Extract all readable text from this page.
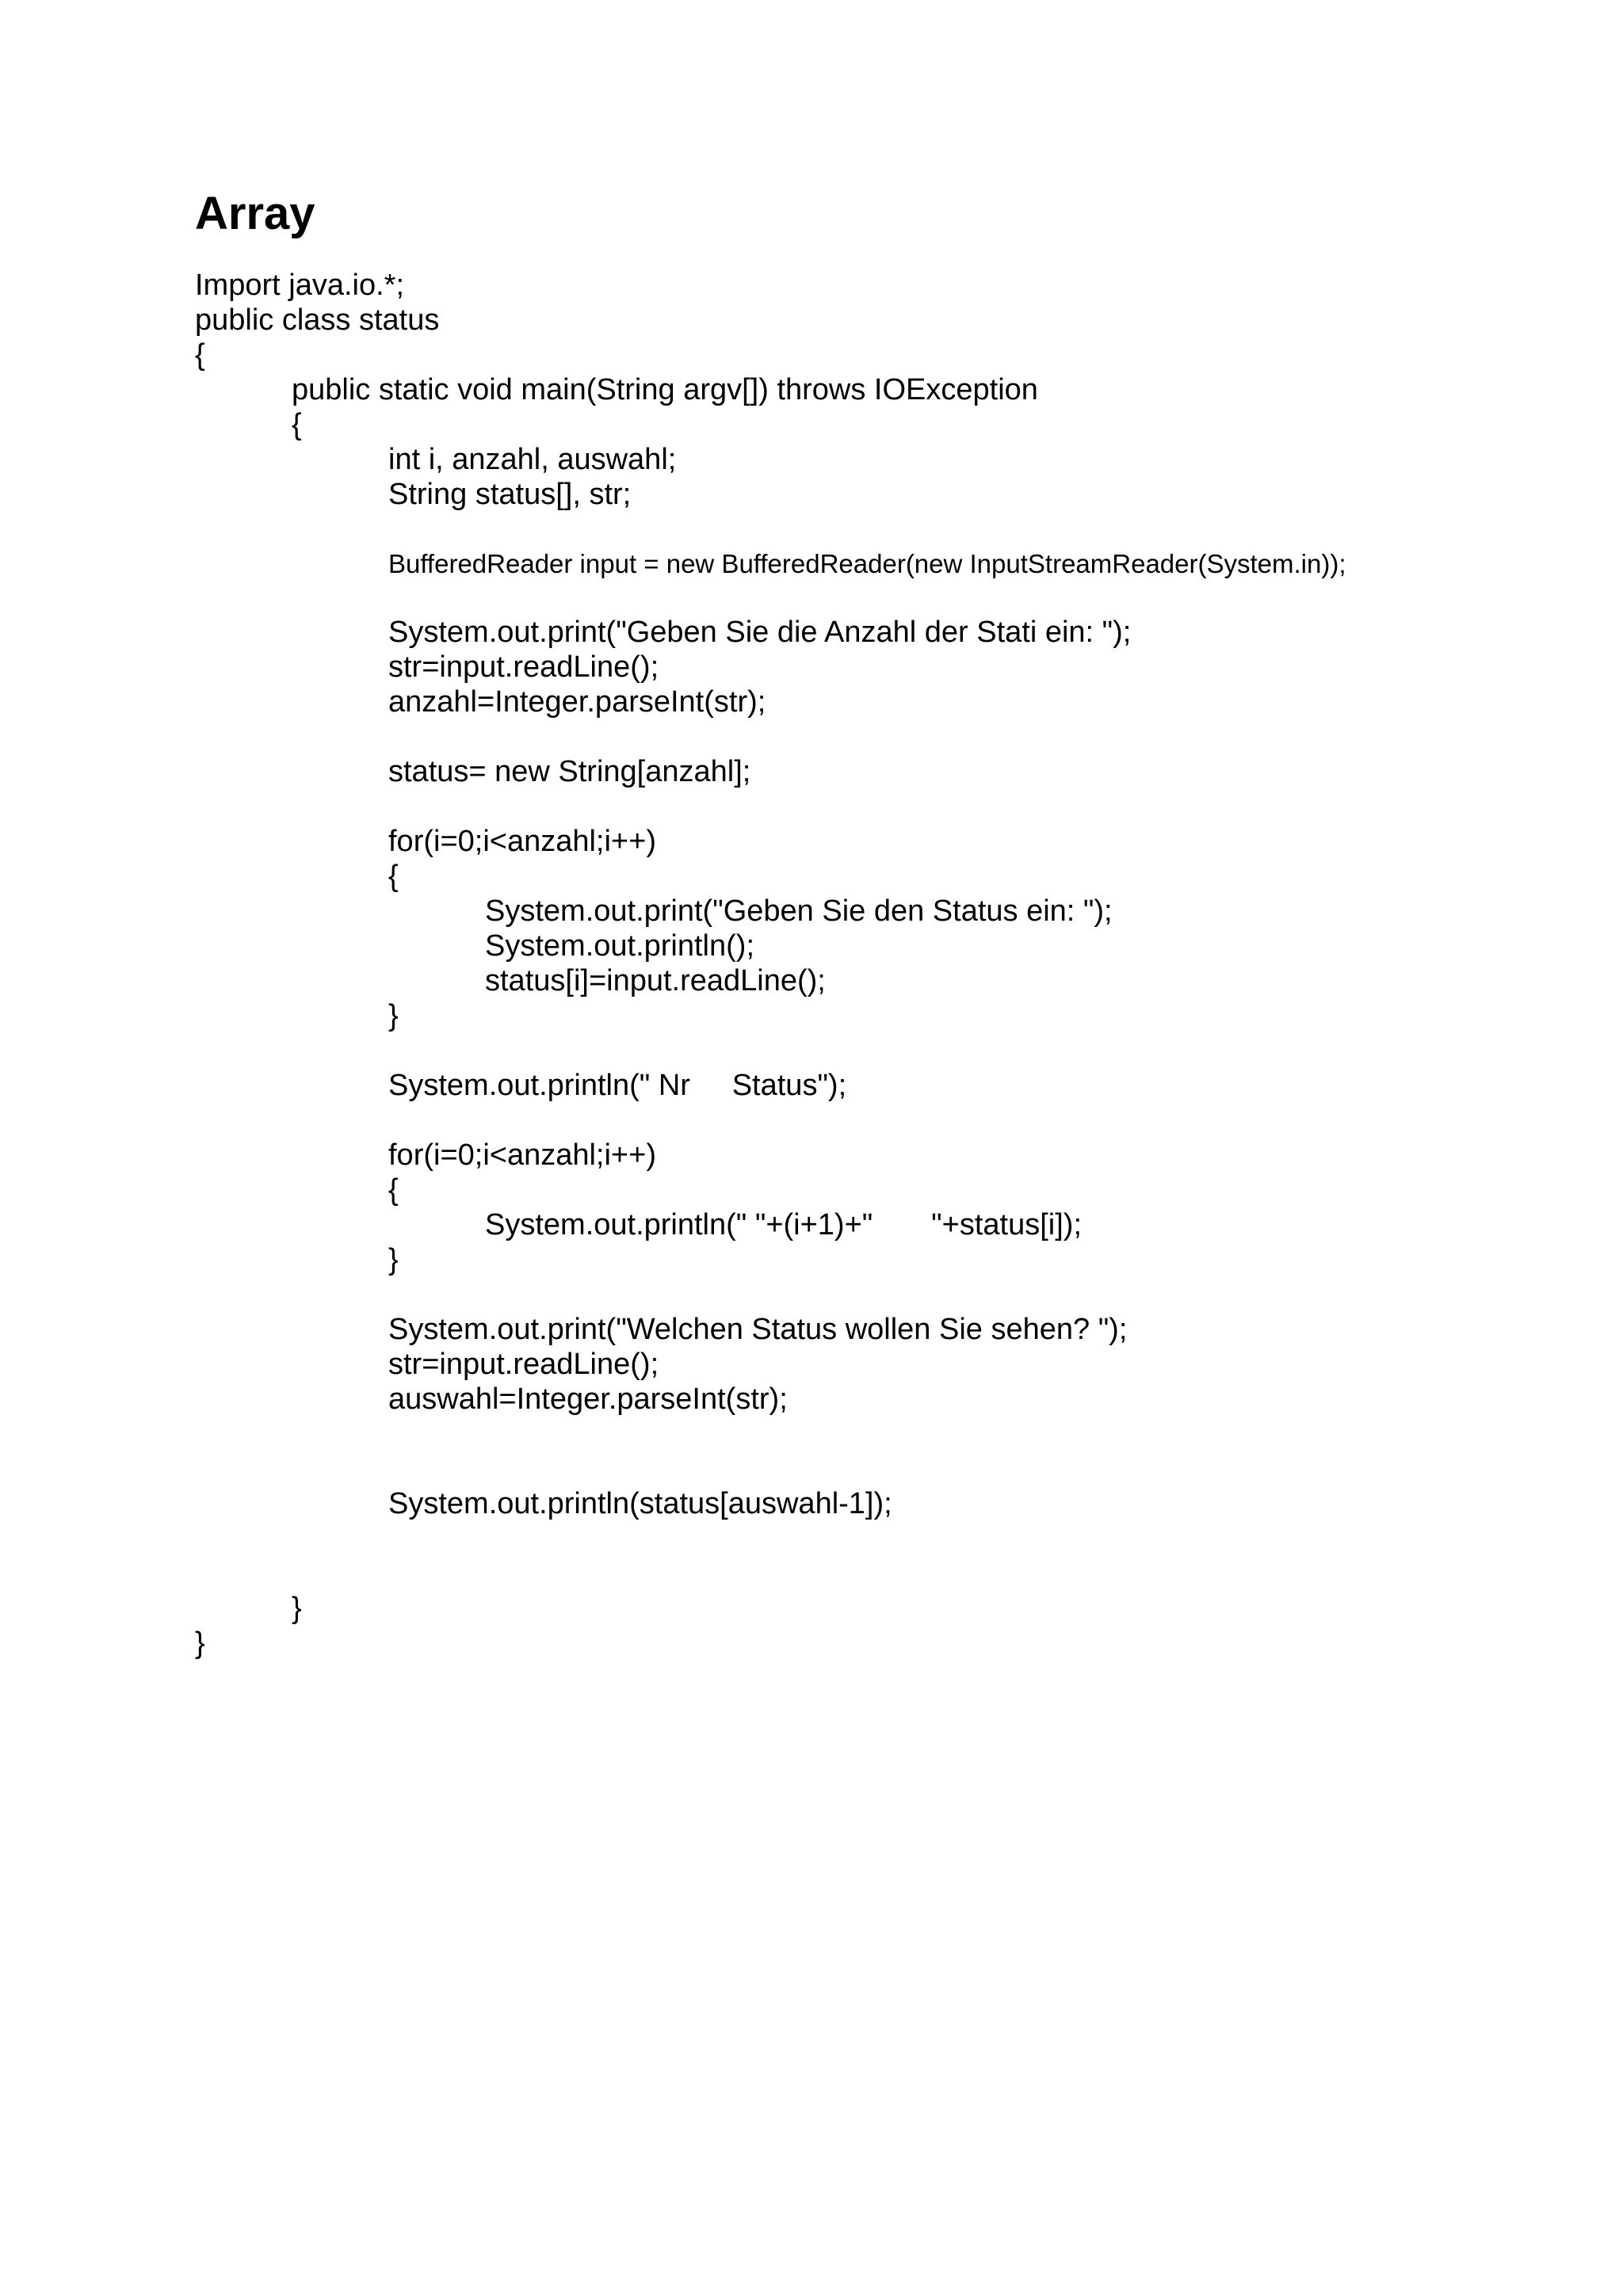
Array
Import java.io.*;
public class status
{
public static void main(String argv[]) throws IOException
{
int i, anzahl, auswahl;
String status[], str;
BufferedReader input = new BufferedReader(new InputStreamReader(System.in));
System.out.print("Geben Sie die Anzahl der Stati ein: ");
str=input.readLine();
anzahl=Integer.parseInt(str);
status= new String[anzahl];
for(i=0;i<anzahl;i++)
{
System.out.print("Geben Sie den Status ein: ");
System.out.println();
status[i]=input.readLine();
}
System.out.println(" Nr     Status");
for(i=0;i<anzahl;i++)
{
System.out.println(" "+(i+1)+"       "+status[i]);
}
System.out.print("Welchen Status wollen Sie sehen? ");
str=input.readLine();
auswahl=Integer.parseInt(str);
System.out.println(status[auswahl-1]);
}
}
